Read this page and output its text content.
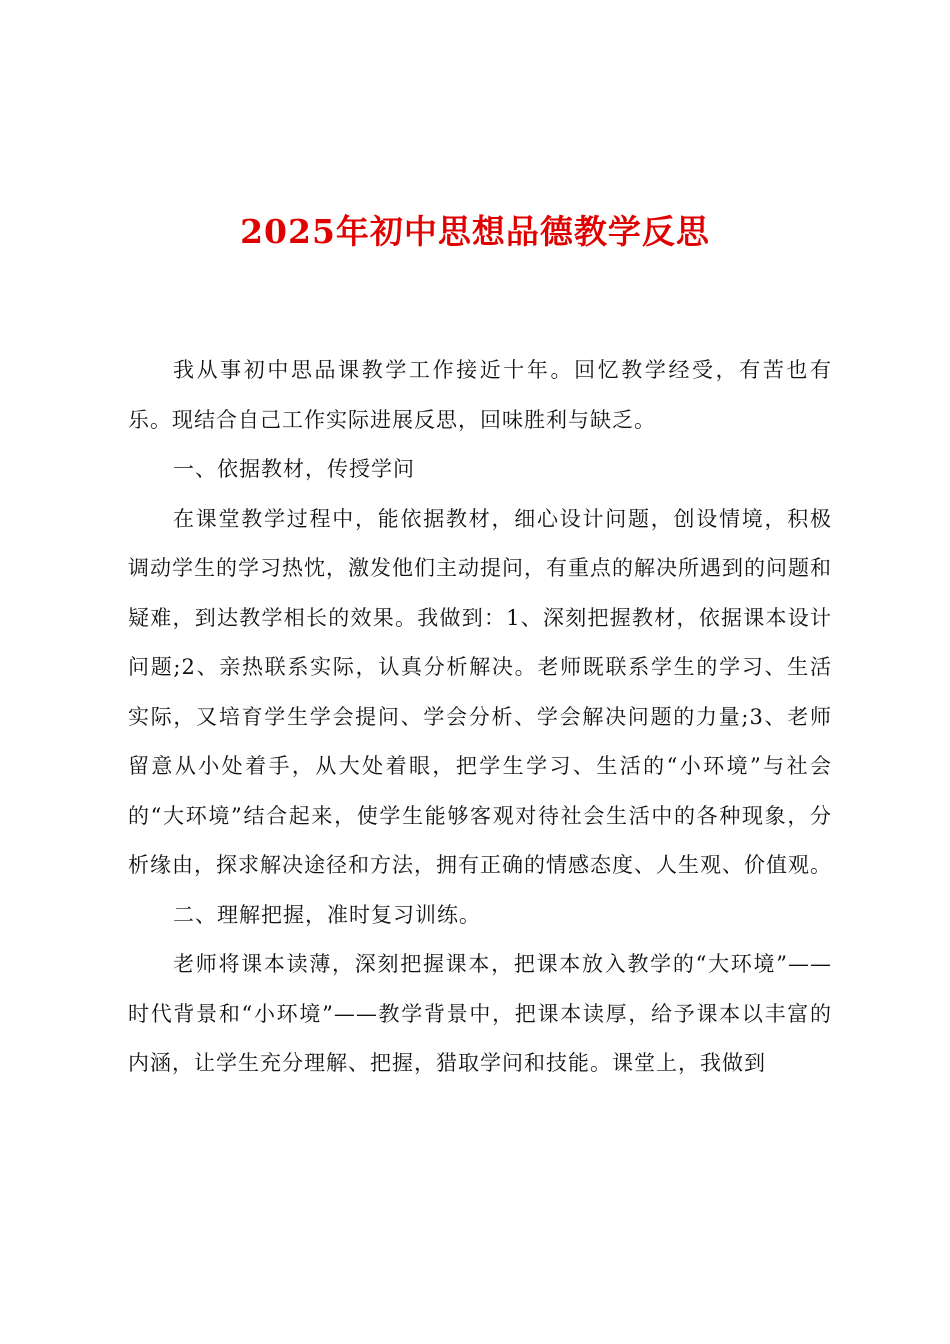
2025年初中思想品德教学反思

我从事初中思品课教学工作接近十年。回忆教学经受，有苦也有乐。现结合自己工作实际进展反思，回味胜利与缺乏。

一、依据教材，传授学问

在课堂教学过程中，能依据教材，细心设计问题，创设情境，积极调动学生的学习热忱，激发他们主动提问，有重点的解决所遇到的问题和疑难，到达教学相长的效果。我做到：1、深刻把握教材，依据课本设计问题;2、亲热联系实际，认真分析解决。老师既联系学生的学习、生活实际，又培育学生学会提问、学会分析、学会解决问题的力量;3、老师留意从小处着手，从大处着眼，把学生学习、生活的“小环境”与社会的“大环境”结合起来，使学生能够客观对待社会生活中的各种现象，分析缘由，探求解决途径和方法，拥有正确的情感态度、人生观、价值观。

二、理解把握，准时复习训练。

老师将课本读薄，深刻把握课本，把课本放入教学的“大环境”——时代背景和“小环境”——教学背景中，把课本读厚，给予课本以丰富的内涵，让学生充分理解、把握，猎取学问和技能。课堂上，我做到
